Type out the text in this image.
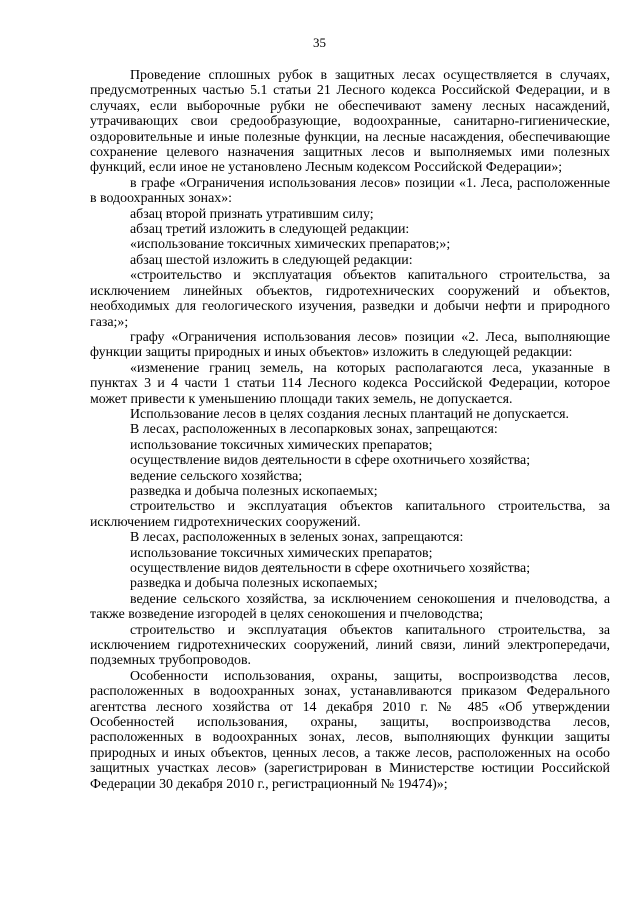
35

Проведение сплошных рубок в защитных лесах осуществляется в случаях, предусмотренных частью 5.1 статьи 21 Лесного кодекса Российской Федерации, и в случаях, если выборочные рубки не обеспечивают замену лесных насаждений, утрачивающих свои средообразующие, водоохранные, санитарно-гигиенические, оздоровительные и иные полезные функции, на лесные насаждения, обеспечивающие сохранение целевого назначения защитных лесов и выполняемых ими полезных функций, если иное не установлено Лесным кодексом Российской Федерации»;

в графе «Ограничения использования лесов» позиции «1. Леса, расположенные в водоохранных зонах»:

абзац второй признать утратившим силу;

абзац третий изложить в следующей редакции:

«использование токсичных химических препаратов;»;

абзац шестой изложить в следующей редакции:

«строительство и эксплуатация объектов капитального строительства, за исключением линейных объектов, гидротехнических сооружений и объектов, необходимых для геологического изучения, разведки и добычи нефти и природного газа;»;

графу «Ограничения использования лесов» позиции «2. Леса, выполняющие функции защиты природных и иных объектов» изложить в следующей редакции:

«изменение границ земель, на которых располагаются леса, указанные в пунктах 3 и 4 части 1 статьи 114 Лесного кодекса Российской Федерации, которое может привести к уменьшению площади таких земель, не допускается.

Использование лесов в целях создания лесных плантаций не допускается.

В лесах, расположенных в лесопарковых зонах, запрещаются:

использование токсичных химических препаратов;

осуществление видов деятельности в сфере охотничьего хозяйства;

ведение сельского хозяйства;

разведка и добыча полезных ископаемых;

строительство и эксплуатация объектов капитального строительства, за исключением гидротехнических сооружений.

В лесах, расположенных в зеленых зонах, запрещаются:

использование токсичных химических препаратов;

осуществление видов деятельности в сфере охотничьего хозяйства;

разведка и добыча полезных ископаемых;

ведение сельского хозяйства, за исключением сенокошения и пчеловодства, а также возведение изгородей в целях сенокошения и пчеловодства;

строительство и эксплуатация объектов капитального строительства, за исключением гидротехнических сооружений, линий связи, линий электропередачи, подземных трубопроводов.

Особенности использования, охраны, защиты, воспроизводства лесов, расположенных в водоохранных зонах, устанавливаются приказом Федерального агентства лесного хозяйства от 14 декабря 2010 г. № 485 «Об утверждении Особенностей использования, охраны, защиты, воспроизводства лесов, расположенных в водоохранных зонах, лесов, выполняющих функции защиты природных и иных объектов, ценных лесов, а также лесов, расположенных на особо защитных участках лесов» (зарегистрирован в Министерстве юстиции Российской Федерации 30 декабря 2010 г., регистрационный № 19474)»;
